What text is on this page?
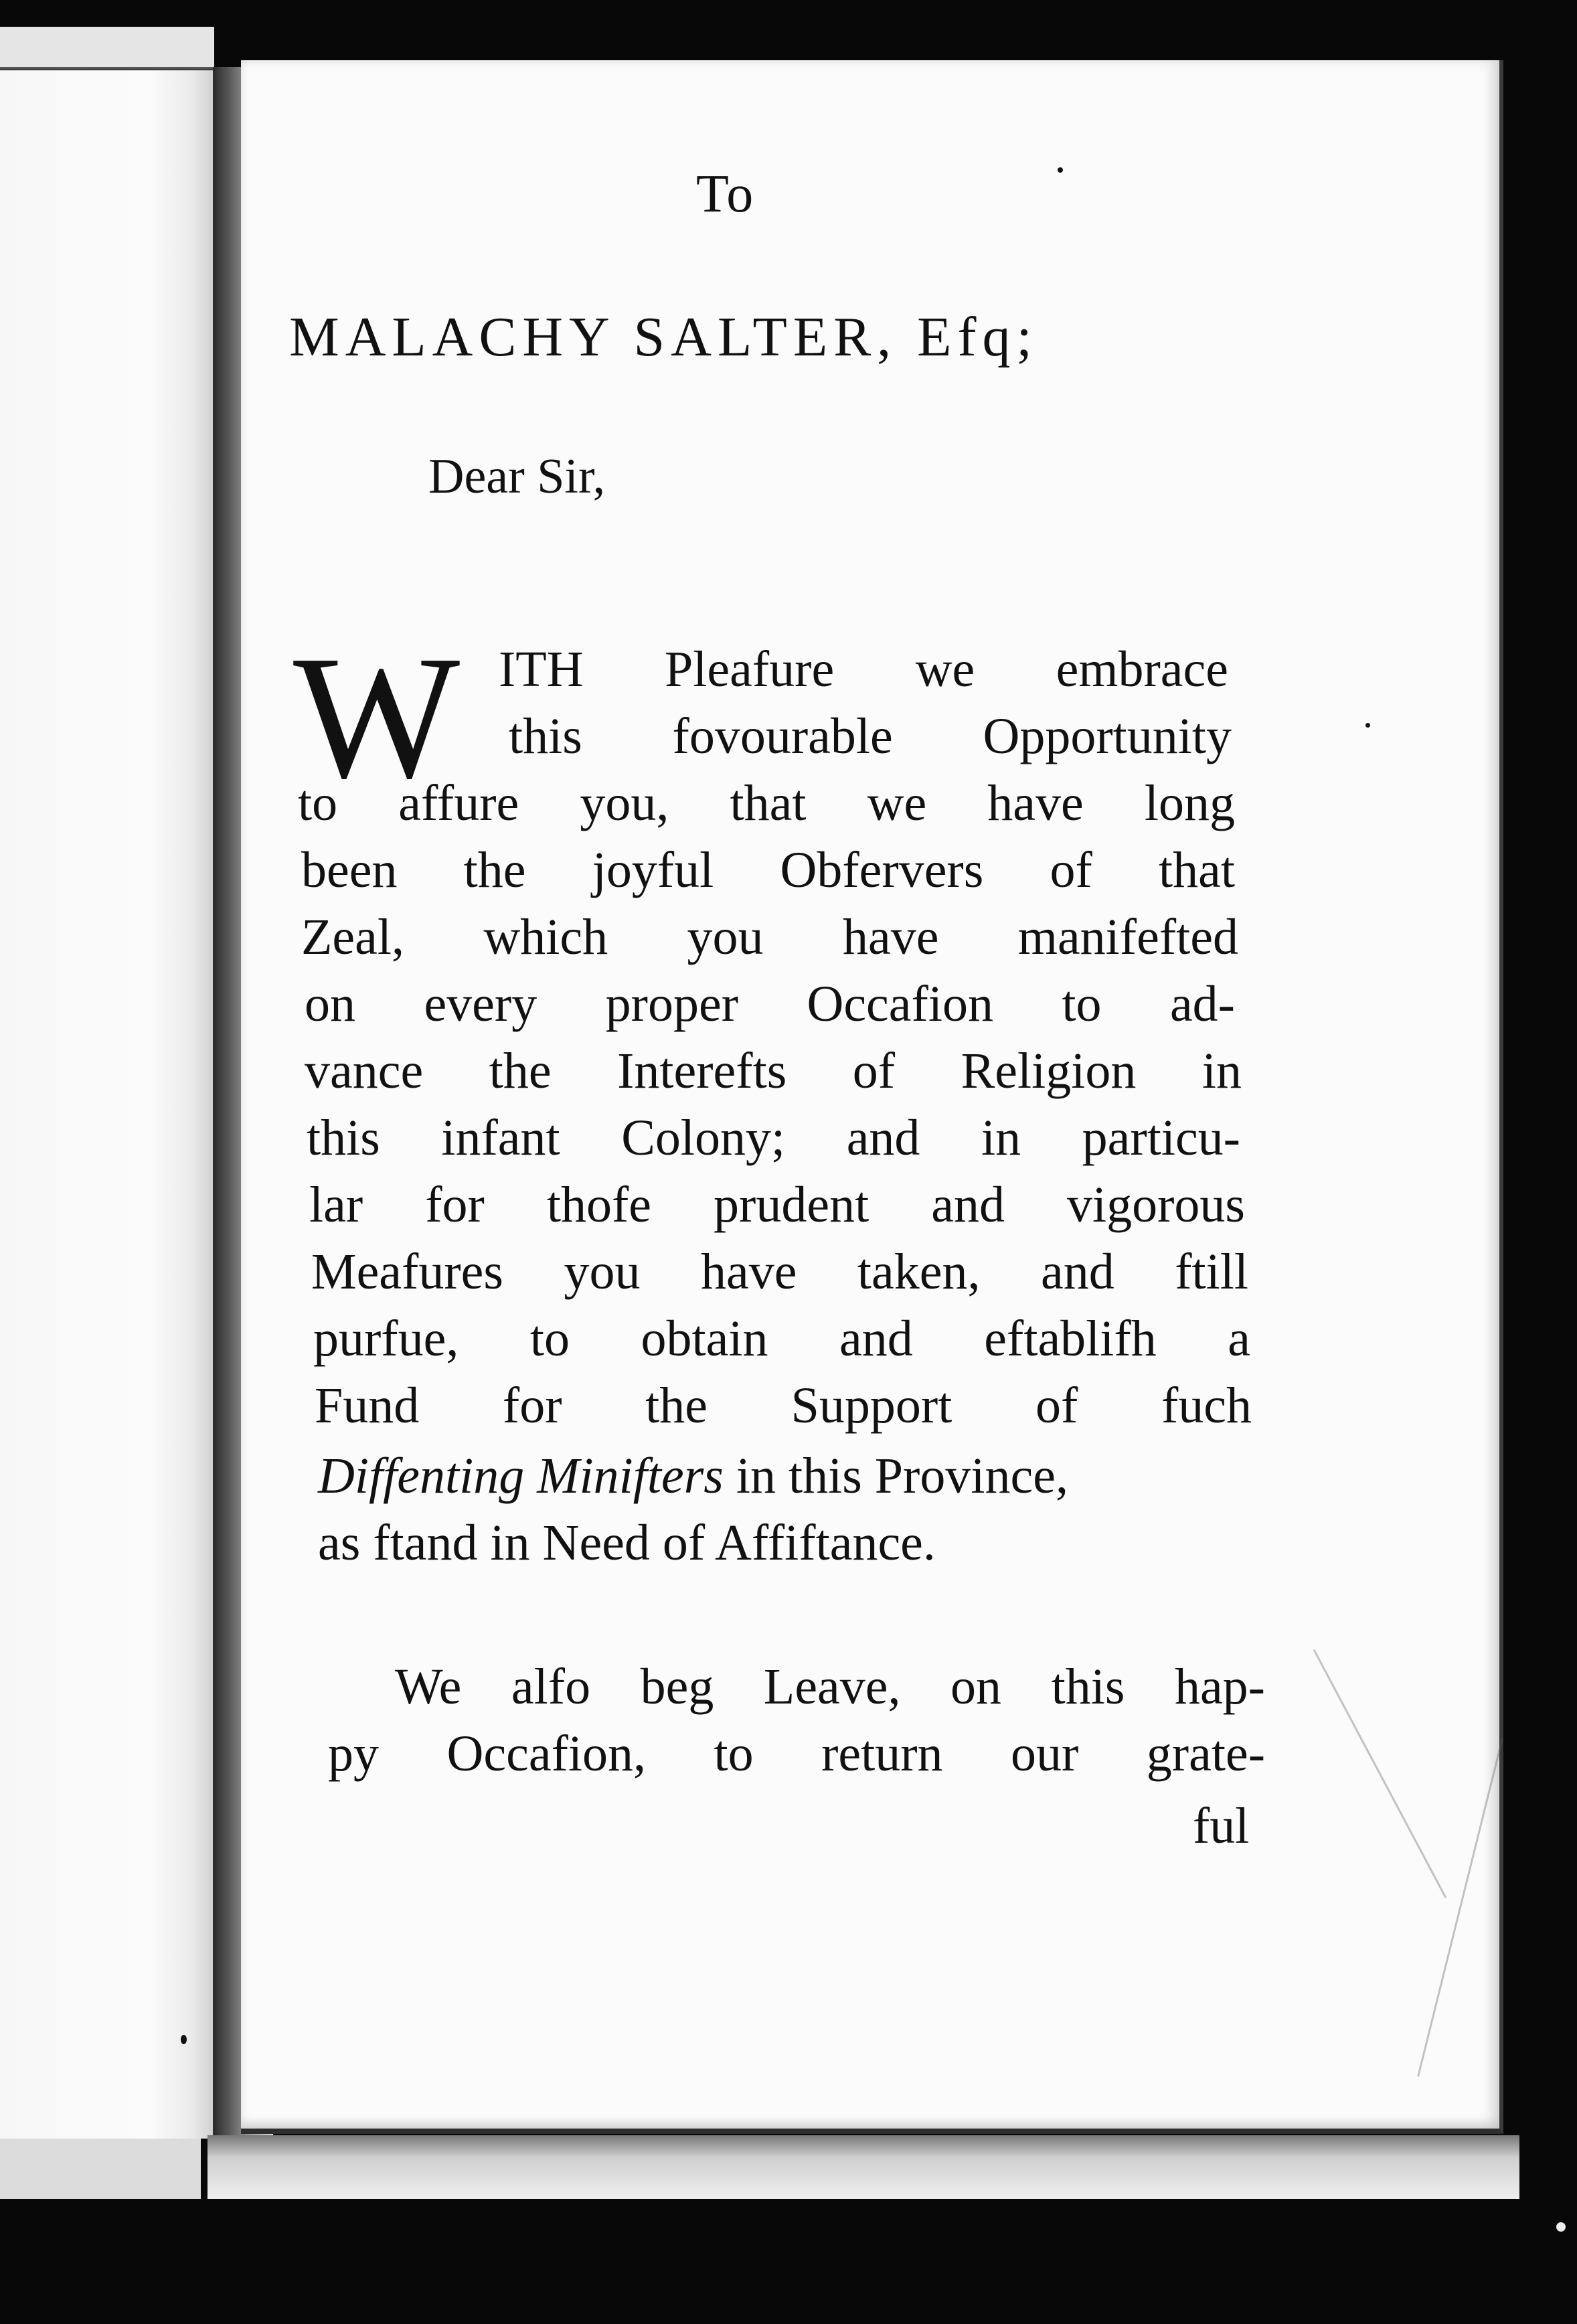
To
MALACHY SALTER, Efq;
Dear Sir,
W ITH Pleafure we embrace
this fovourable Opportunity
to affure you, that we have long
been the joyful Obfervers of that
Zeal, which you have manifefted
on every proper Occafion to ad-
vance the Interefts of Religion in
this infant Colony; and in particu-
lar for thofe prudent and vigorous
Meafures you have taken, and ftill
purfue, to obtain and eftablifh a
Fund for the Support of fuch
Diffenting Minifters in this Province,
as ftand in Need of Affiftance.
We alfo beg Leave, on this hap-
py Occafion, to return our grate-
ful
